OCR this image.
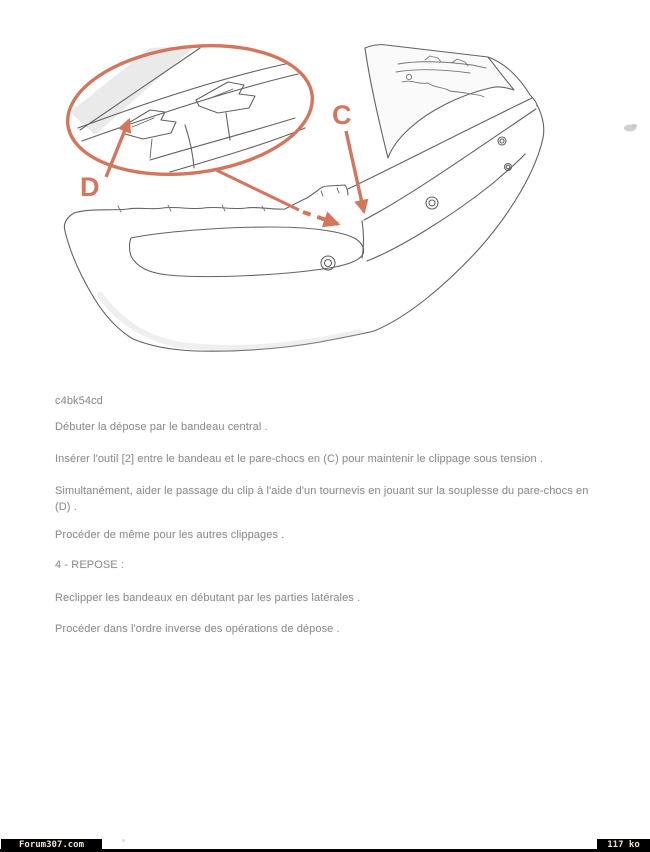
C
D

c4bk54cd

Débuter la dépose par le bandeau central .

Insérer l'outil [2] entre le bandeau et le pare-chocs en (C) pour maintenir le clippage sous tension .

Simultanément, aider le passage du clip à l'aide d'un tournevis en jouant sur la souplesse du pare-chocs en (D) .

Procéder de même pour les autres clippages .

4 - REPOSE :

Reclipper les bandeaux en débutant par les parties latérales .

Procéder dans l'ordre inverse des opérations de dépose .

Forum307.com	117 ko
